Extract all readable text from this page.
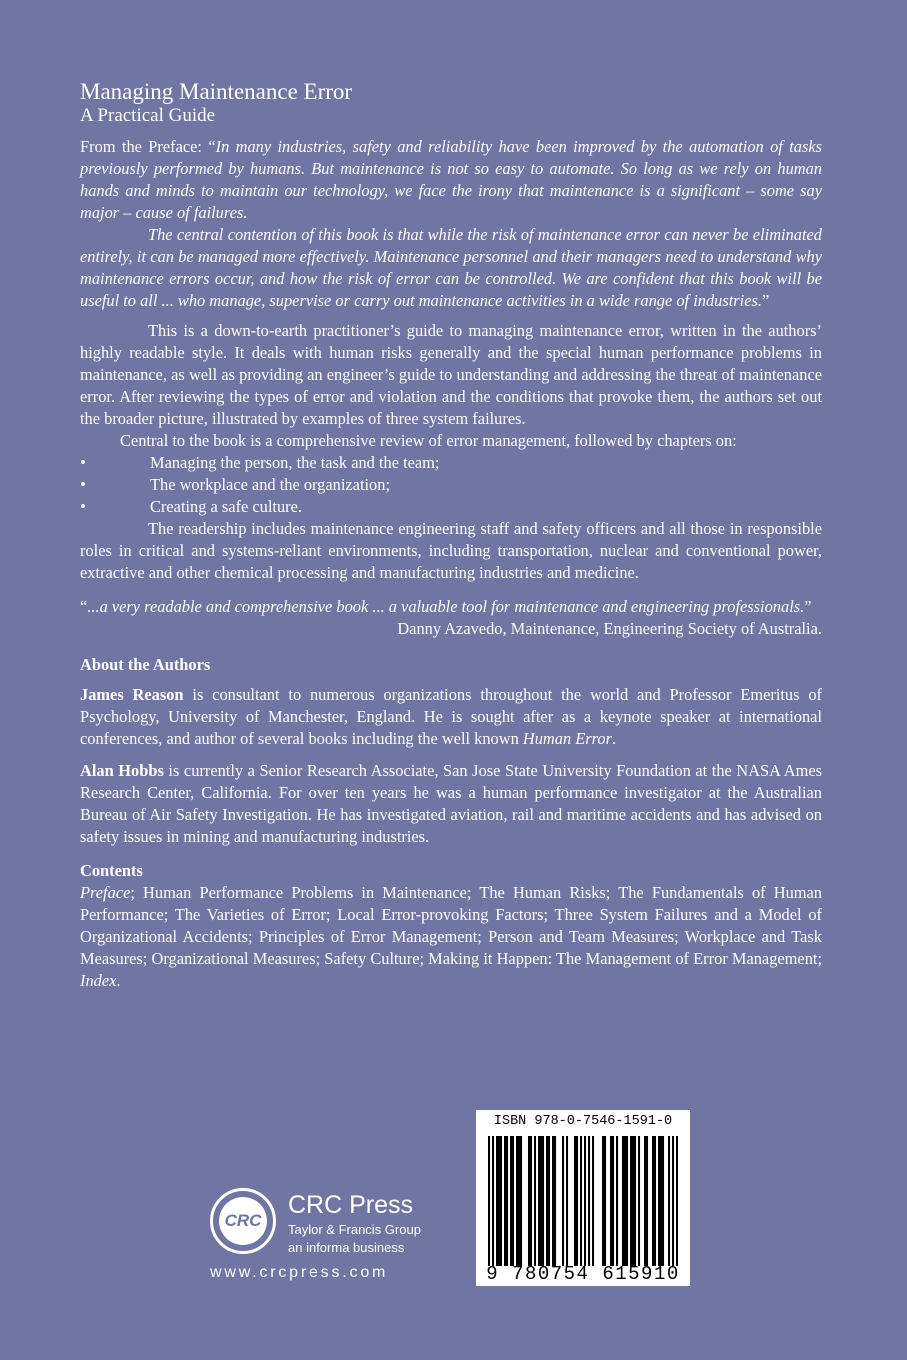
Managing Maintenance Error
A Practical Guide

From the Preface: “In many industries, safety and reliability have been improved by the automation of tasks previously performed by humans. But maintenance is not so easy to automate. So long as we rely on human hands and minds to maintain our technology, we face the irony that maintenance is a significant – some say major – cause of failures.

The central contention of this book is that while the risk of maintenance error can never be eliminated entirely, it can be managed more effectively. Maintenance personnel and their managers need to understand why maintenance errors occur, and how the risk of error can be controlled. We are confident that this book will be useful to all ... who manage, supervise or carry out maintenance activities in a wide range of industries.”

This is a down-to-earth practitioner’s guide to managing maintenance error, written in the authors’ highly readable style. It deals with human risks generally and the special human performance problems in maintenance, as well as providing an engineer’s guide to understanding and addressing the threat of maintenance error. After reviewing the types of error and violation and the conditions that provoke them, the authors set out the broader picture, illustrated by examples of three system failures.

Central to the book is a comprehensive review of error management, followed by chapters on:

•	Managing the person, the task and the team;
•	The workplace and the organization;
•	Creating a safe culture.

The readership includes maintenance engineering staff and safety officers and all those in responsible roles in critical and systems-reliant environments, including transportation, nuclear and conventional power, extractive and other chemical processing and manufacturing industries and medicine.

“...a very readable and comprehensive book ... a valuable tool for maintenance and engineering professionals.”
Danny Azavedo, Maintenance, Engineering Society of Australia.
About the Authors

James Reason is consultant to numerous organizations throughout the world and Professor Emeritus of Psychology, University of Manchester, England. He is sought after as a keynote speaker at international conferences, and author of several books including the well known Human Error.

Alan Hobbs is currently a Senior Research Associate, San Jose State University Foundation at the NASA Ames Research Center, California. For over ten years he was a human performance investigator at the Australian Bureau of Air Safety Investigation. He has investigated aviation, rail and maritime accidents and has advised on safety issues in mining and manufacturing industries.

Contents

Preface; Human Performance Problems in Maintenance; The Human Risks; The Fundamentals of Human Performance; The Varieties of Error; Local Error-provoking Factors; Three System Failures and a Model of Organizational Accidents; Principles of Error Management; Person and Team Measures; Workplace and Task Measures; Organizational Measures; Safety Culture; Making it Happen: The Management of Error Management; Index.

CRC
CRC Press
Taylor & Francis Group
an informa business
www.crcpress.com
ISBN 978-0-7546-1591-0
9 780754 615910
